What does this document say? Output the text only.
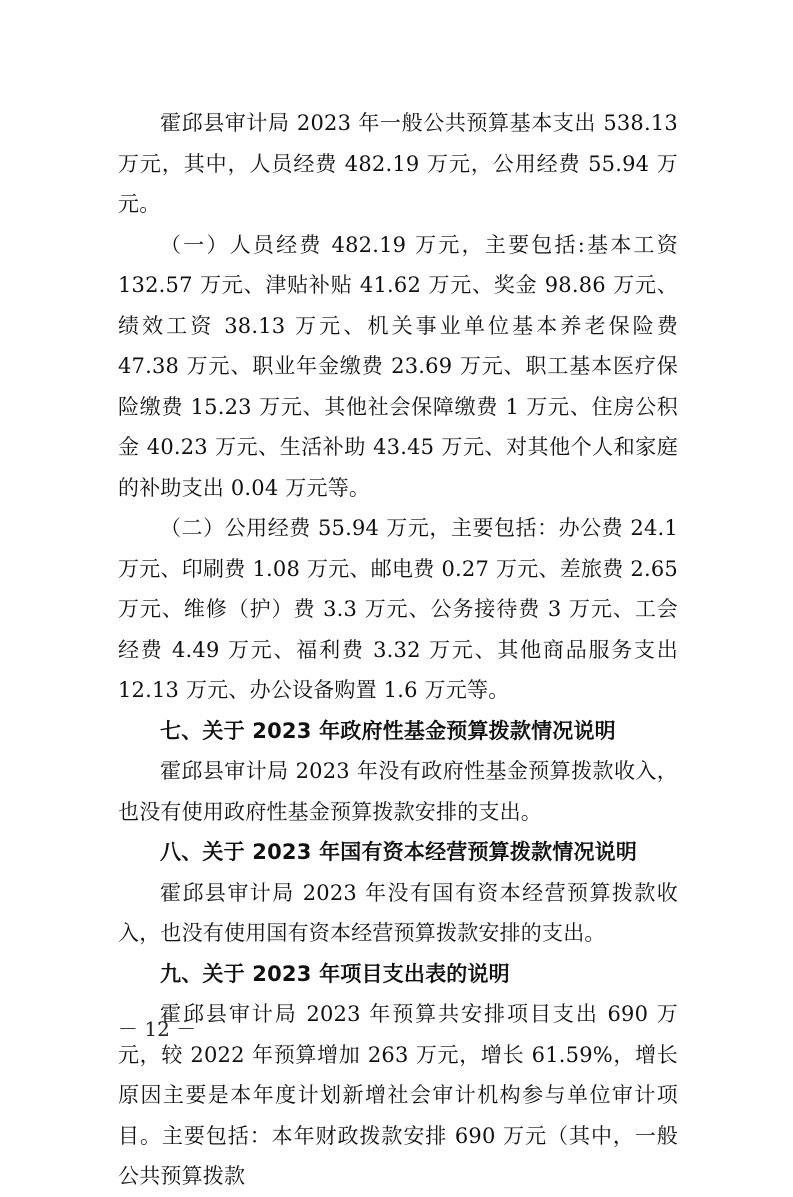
霍邱县审计局 2023 年一般公共预算基本支出 538.13 万元，其中，人员经费 482.19 万元，公用经费 55.94 万元。

（一）人员经费 482.19 万元，主要包括:基本工资 132.57 万元、津贴补贴 41.62 万元、奖金 98.86 万元、绩效工资 38.13 万元、机关事业单位基本养老保险费 47.38 万元、职业年金缴费 23.69 万元、职工基本医疗保险缴费 15.23 万元、其他社会保障缴费 1 万元、住房公积金 40.23 万元、生活补助 43.45 万元、对其他个人和家庭的补助支出 0.04 万元等。

（二）公用经费 55.94 万元，主要包括：办公费 24.1 万元、印刷费 1.08 万元、邮电费 0.27 万元、差旅费 2.65 万元、维修（护）费 3.3 万元、公务接待费 3 万元、工会经费 4.49 万元、福利费 3.32 万元、其他商品服务支出 12.13 万元、办公设备购置 1.6 万元等。

七、关于 2023 年政府性基金预算拨款情况说明

霍邱县审计局 2023 年没有政府性基金预算拨款收入，也没有使用政府性基金预算拨款安排的支出。

八、关于 2023 年国有资本经营预算拨款情况说明

霍邱县审计局 2023 年没有国有资本经营预算拨款收入，也没有使用国有资本经营预算拨款安排的支出。

九、关于 2023 年项目支出表的说明

霍邱县审计局 2023 年预算共安排项目支出 690 万元，较 2022 年预算增加 263 万元，增长 61.59%，增长原因主要是本年度计划新增社会审计机构参与单位审计项目。主要包括：本年财政拨款安排 690 万元（其中，一般公共预算拨款

－ 12 －
